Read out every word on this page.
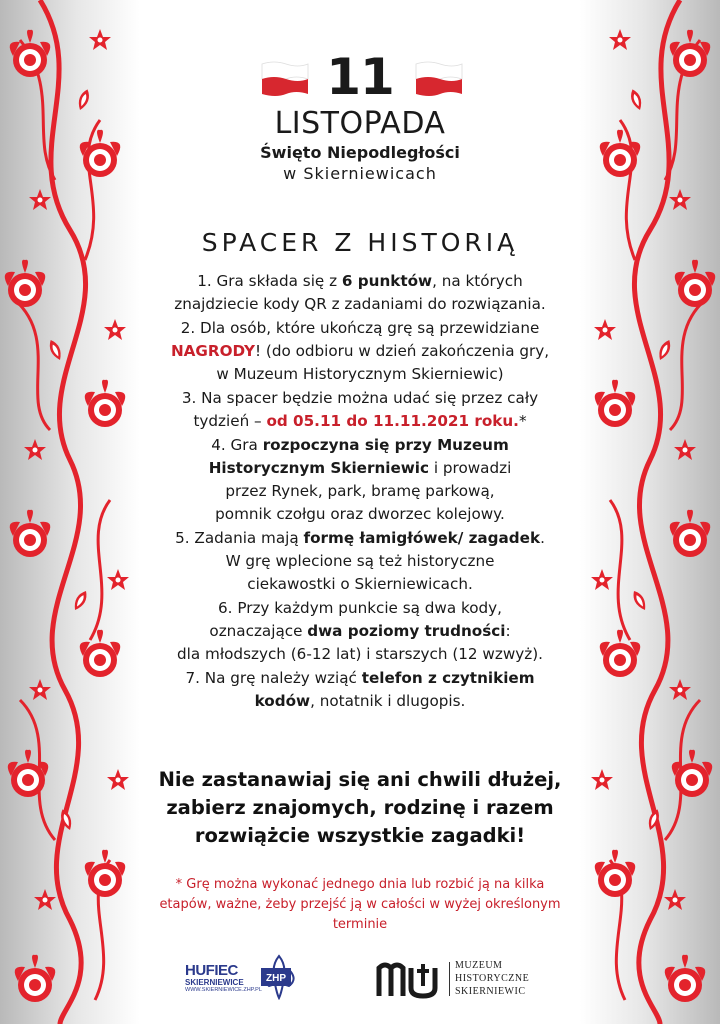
11
LISTOPADA
Święto Niepodległości
w Skierniewicach
SPACER Z HISTORIĄ

1. Gra składa się z 6 punktów, na których
znajdziecie kody QR z zadaniami do rozwiązania.

2. Dla osób, które ukończą grę są przewidziane
NAGRODY! (do odbioru w dzień zakończenia gry,
w Muzeum Historycznym Skierniewic)

3. Na spacer będzie można udać się przez cały
tydzień – od 05.11 do 11.11.2021 roku.*

4. Gra rozpoczyna się przy Muzeum
Historycznym Skierniewic i prowadzi
przez Rynek, park, bramę parkową,
pomnik czołgu oraz dworzec kolejowy.

5. Zadania mają formę łamigłówek/ zagadek.
W grę wplecione są też historyczne
ciekawostki o Skierniewicach.

6. Przy każdym punkcie są dwa kody,
oznaczające dwa poziomy trudności:
dla młodszych (6-12 lat) i starszych (12 wzwyż).

7. Na grę należy wziąć telefon z czytnikiem
kodów, notatnik i dlugopis.

Nie zastanawiaj się ani chwili dłużej,
zabierz znajomych, rodzinę i razem
rozwiążcie wszystkie zagadki!
* Grę można wykonać jednego dnia lub rozbić ją na kilka
etapów, ważne, żeby przejść ją w całości w wyżej określonym
terminie
HUFIEC
SKIERNIEWICE
WWW.SKIERNIEWICE.ZHP.PL
ZHP
MUZEUM
HISTORYCZNE
SKIERNIEWIC
